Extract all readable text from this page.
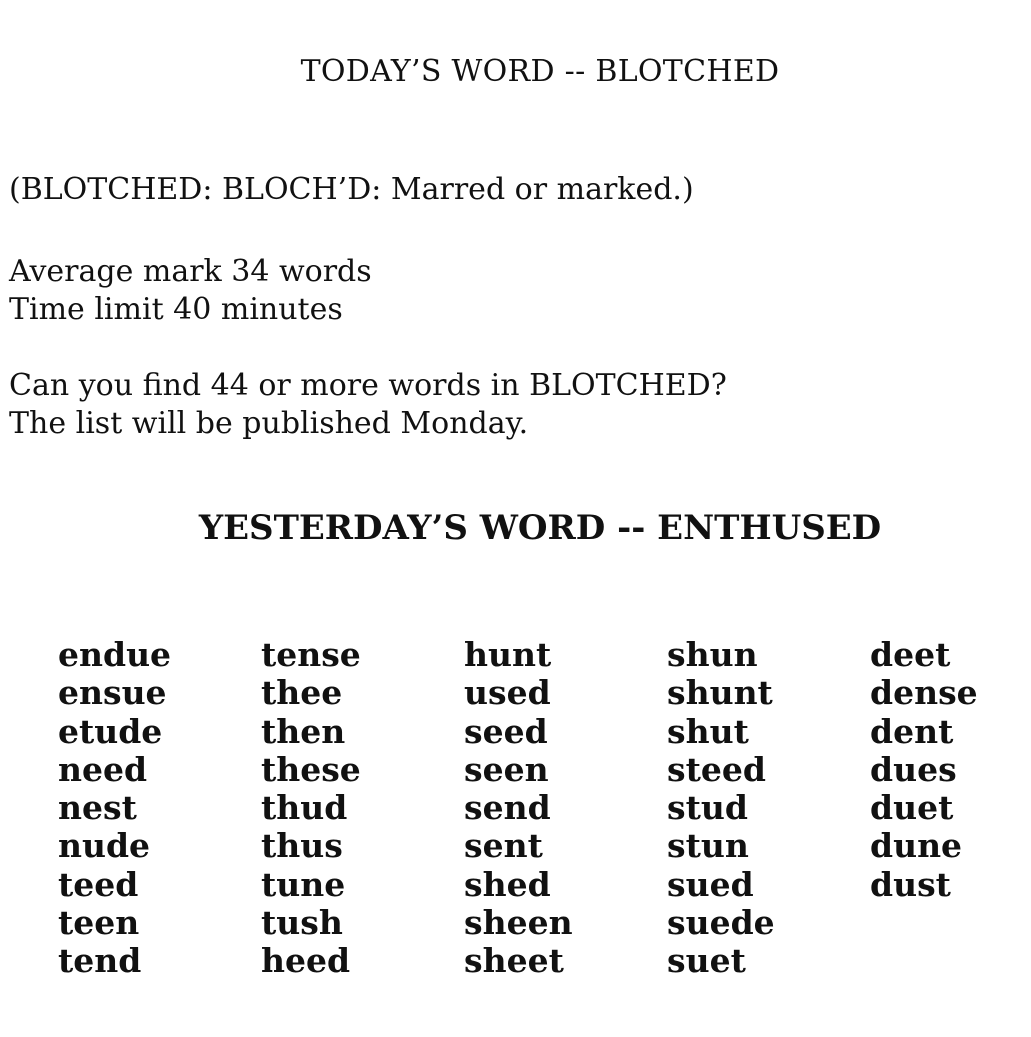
TODAY’S WORD -- BLOTCHED
(BLOTCHED: BLOCH’D: Marred or marked.)
Average mark 34 words
Time limit 40 minutes
Can you find 44 or more words in BLOTCHED?
The list will be published Monday.
YESTERDAY’S WORD -- ENTHUSED
endue
ensue
etude
need
nest
nude
teed
teen
tend
tense
thee
then
these
thud
thus
tune
tush
heed
hunt
used
seed
seen
send
sent
shed
sheen
sheet
shun
shunt
shut
steed
stud
stun
sued
suede
suet
deet
dense
dent
dues
duet
dune
dust
